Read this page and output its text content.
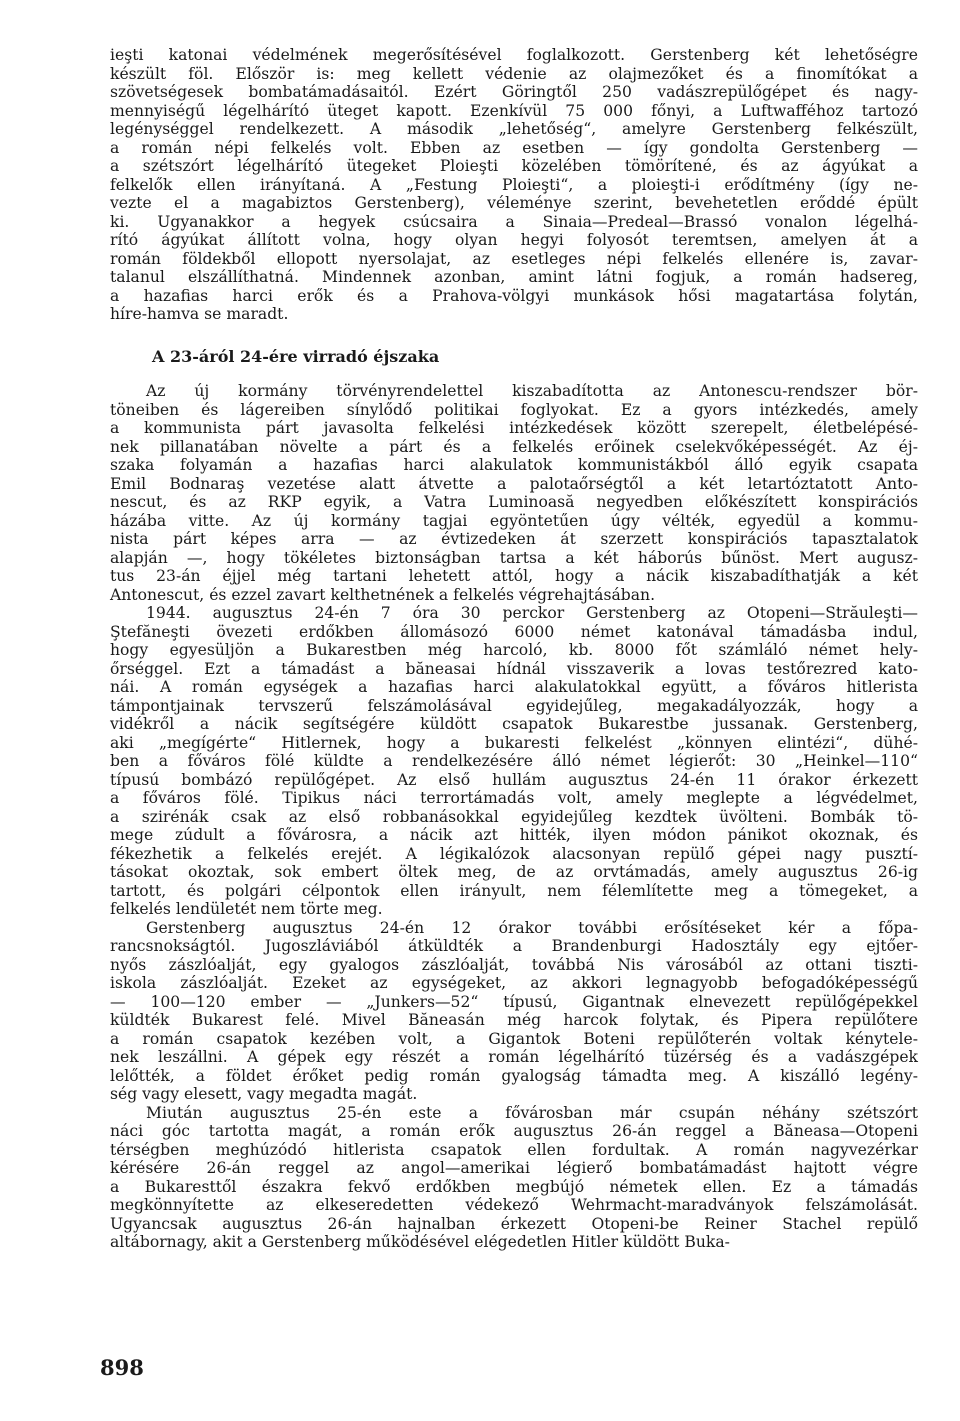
ieşti katonai védelmének megerősítésével foglalkozott. Gerstenberg két lehetőségre
készült föl. Először is: meg kellett védenie az olajmezőket és a finomítókat a
szövetségesek bombatámadásaitól. Ezért Göringtől 250 vadászrepülőgépet és nagy-
mennyiségű légelhárító üteget kapott. Ezenkívül 75 000 főnyi, a Luftwafféhoz tartozó
legénységgel rendelkezett. A második „lehetőség“, amelyre Gerstenberg felkészült,
a román népi felkelés volt. Ebben az esetben — így gondolta Gerstenberg —
a szétszórt légelhárító ütegeket Ploieşti közelében tömörítené, és az ágyúkat a
felkelők ellen irányítaná. A „Festung Ploieşti“, a ploieşti-i erődítmény (így ne-
vezte el a magabiztos Gerstenberg), véleménye szerint, bevehetetlen erőddé épült
ki. Ugyanakkor a hegyek csúcsaira a Sinaia—Predeal—Brassó vonalon légelhá-
rító ágyúkat állított volna, hogy olyan hegyi folyosót teremtsen, amelyen át a
román földekből ellopott nyersolajat, az esetleges népi felkelés ellenére is, zavar-
talanul elszállíthatná. Mindennek azonban, amint látni fogjuk, a román hadsereg,
a hazafias harci erők és a Prahova-völgyi munkások hősi magatartása folytán,
híre-hamva se maradt.
A 23-áról 24-ére virradó éjszaka
Az új kormány törvényrendelettel kiszabadította az Antonescu-rendszer bör-
töneiben és lágereiben sínylődő politikai foglyokat. Ez a gyors intézkedés, amely
a kommunista párt javasolta felkelési intézkedések között szerepelt, életbelépésé-
nek pillanatában növelte a párt és a felkelés erőinek cselekvőképességét. Az éj-
szaka folyamán a hazafias harci alakulatok kommunistákból álló egyik csapata
Emil Bodnaraş vezetése alatt átvette a palotaőrségtől a két letartóztatott Anto-
nescut, és az RKP egyik, a Vatra Luminoasă negyedben előkészített konspirációs
házába vitte. Az új kormány tagjai egyöntetűen úgy vélték, egyedül a kommu-
nista párt képes arra — az évtizedeken át szerzett konspirációs tapasztalatok
alapján —, hogy tökéletes biztonságban tartsa a két háborús bűnöst. Mert augusz-
tus 23-án éjjel még tartani lehetett attól, hogy a nácik kiszabadíthatják a két
Antonescut, és ezzel zavart kelthetnének a felkelés végrehajtásában.
1944. augusztus 24-én 7 óra 30 perckor Gerstenberg az Otopeni—Străuleşti—
Ştefăneşti övezeti erdőkben állomásozó 6000 német katonával támadásba indul,
hogy egyesüljön a Bukarestben még harcoló, kb. 8000 főt számláló német hely-
őrséggel. Ezt a támadást a băneasai hídnál visszaverik a lovas testőrezred kato-
nái. A román egységek a hazafias harci alakulatokkal együtt, a főváros hitlerista
támpontjainak tervszerű felszámolásával egyidejűleg, megakadályozzák, hogy a
vidékről a nácik segítségére küldött csapatok Bukarestbe jussanak. Gerstenberg,
aki „megígérte“ Hitlernek, hogy a bukaresti felkelést „könnyen elintézi“, dühé-
ben a főváros fölé küldte a rendelkezésére álló német légierőt: 30 „Heinkel—110“
típusú bombázó repülőgépet. Az első hullám augusztus 24-én 11 órakor érkezett
a főváros fölé. Tipikus náci terrortámadás volt, amely meglepte a légvédelmet,
a szirénák csak az első robbanásokkal egyidejűleg kezdtek üvölteni. Bombák tö-
mege zúdult a fővárosra, a nácik azt hitték, ilyen módon pánikot okoznak, és
fékezhetik a felkelés erejét. A légikalózok alacsonyan repülő gépei nagy pusztí-
tásokat okoztak, sok embert öltek meg, de az orvtámadás, amely augusztus 26-ig
tartott, és polgári célpontok ellen irányult, nem félemlítette meg a tömegeket, a
felkelés lendületét nem törte meg.
Gerstenberg augusztus 24-én 12 órakor további erősítéseket kér a főpa-
rancsnokságtól. Jugoszláviából átküldték a Brandenburgi Hadosztály egy ejtőer-
nyős zászlóalját, egy gyalogos zászlóalját, továbbá Nis városából az ottani tiszti-
iskola zászlóalját. Ezeket az egységeket, az akkori legnagyobb befogadóképességű
— 100—120 ember — „Junkers—52“ típusú, Gigantnak elnevezett repülőgépekkel
küldték Bukarest felé. Mivel Băneasán még harcok folytak, és Pipera repülőtere
a román csapatok kezében volt, a Gigantok Boteni repülőterén voltak kénytele-
nek leszállni. A gépek egy részét a román légelhárító tüzérség és a vadászgépek
lelőtték, a földet érőket pedig román gyalogság támadta meg. A kiszálló legény-
ség vagy elesett, vagy megadta magát.
Miután augusztus 25-én este a fővárosban már csupán néhány szétszórt
náci góc tartotta magát, a román erők augusztus 26-án reggel a Băneasa—Otopeni
térségben meghúzódó hitlerista csapatok ellen fordultak. A román nagyvezérkar
kérésére 26-án reggel az angol—amerikai légierő bombatámadást hajtott végre
a Bukaresttől északra fekvő erdőkben megbújó németek ellen. Ez a támadás
megkönnyítette az elkeseredetten védekező Wehrmacht-maradványok felszámolását.
Ugyancsak augusztus 26-án hajnalban érkezett Otopeni-be Reiner Stachel repülő
altábornagy, akit a Gerstenberg működésével elégedetlen Hitler küldött Buka-
898
